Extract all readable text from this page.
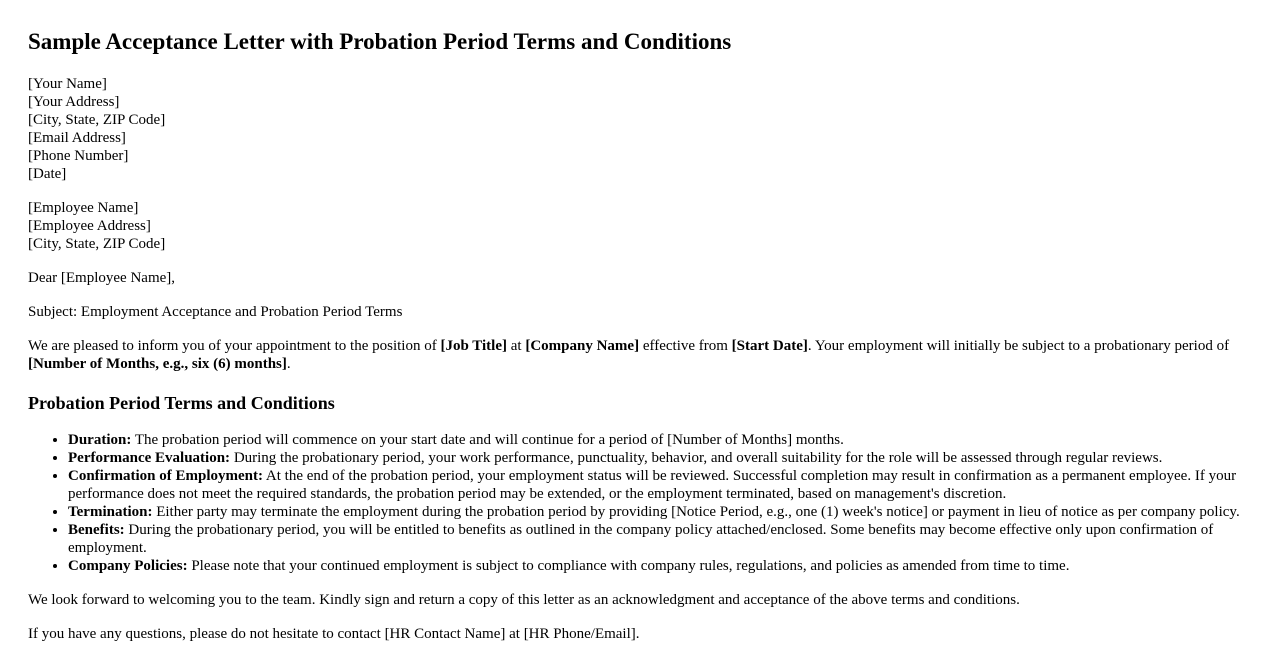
Sample Acceptance Letter with Probation Period Terms and Conditions
[Your Name]
[Your Address]
[City, State, ZIP Code]
[Email Address]
[Phone Number]
[Date]
[Employee Name]
[Employee Address]
[City, State, ZIP Code]

Dear [Employee Name],

Subject: Employment Acceptance and Probation Period Terms

We are pleased to inform you of your appointment to the position of [Job Title] at [Company Name] effective from [Start Date]. Your employment will initially be subject to a probationary period of [Number of Months, e.g., six (6) months].

Probation Period Terms and Conditions
• Duration: The probation period will commence on your start date and will continue for a period of [Number of Months] months.
• Performance Evaluation: During the probationary period, your work performance, punctuality, behavior, and overall suitability for the role will be assessed through regular reviews.
• Confirmation of Employment: At the end of the probation period, your employment status will be reviewed. Successful completion may result in confirmation as a permanent employee. If your performance does not meet the required standards, the probation period may be extended, or the employment terminated, based on management's discretion.
• Termination: Either party may terminate the employment during the probation period by providing [Notice Period, e.g., one (1) week's notice] or payment in lieu of notice as per company policy.
• Benefits: During the probationary period, you will be entitled to benefits as outlined in the company policy attached/enclosed. Some benefits may become effective only upon confirmation of employment.
• Company Policies: Please note that your continued employment is subject to compliance with company rules, regulations, and policies as amended from time to time.

We look forward to welcoming you to the team. Kindly sign and return a copy of this letter as an acknowledgment and acceptance of the above terms and conditions.

If you have any questions, please do not hesitate to contact [HR Contact Name] at [HR Phone/Email].
